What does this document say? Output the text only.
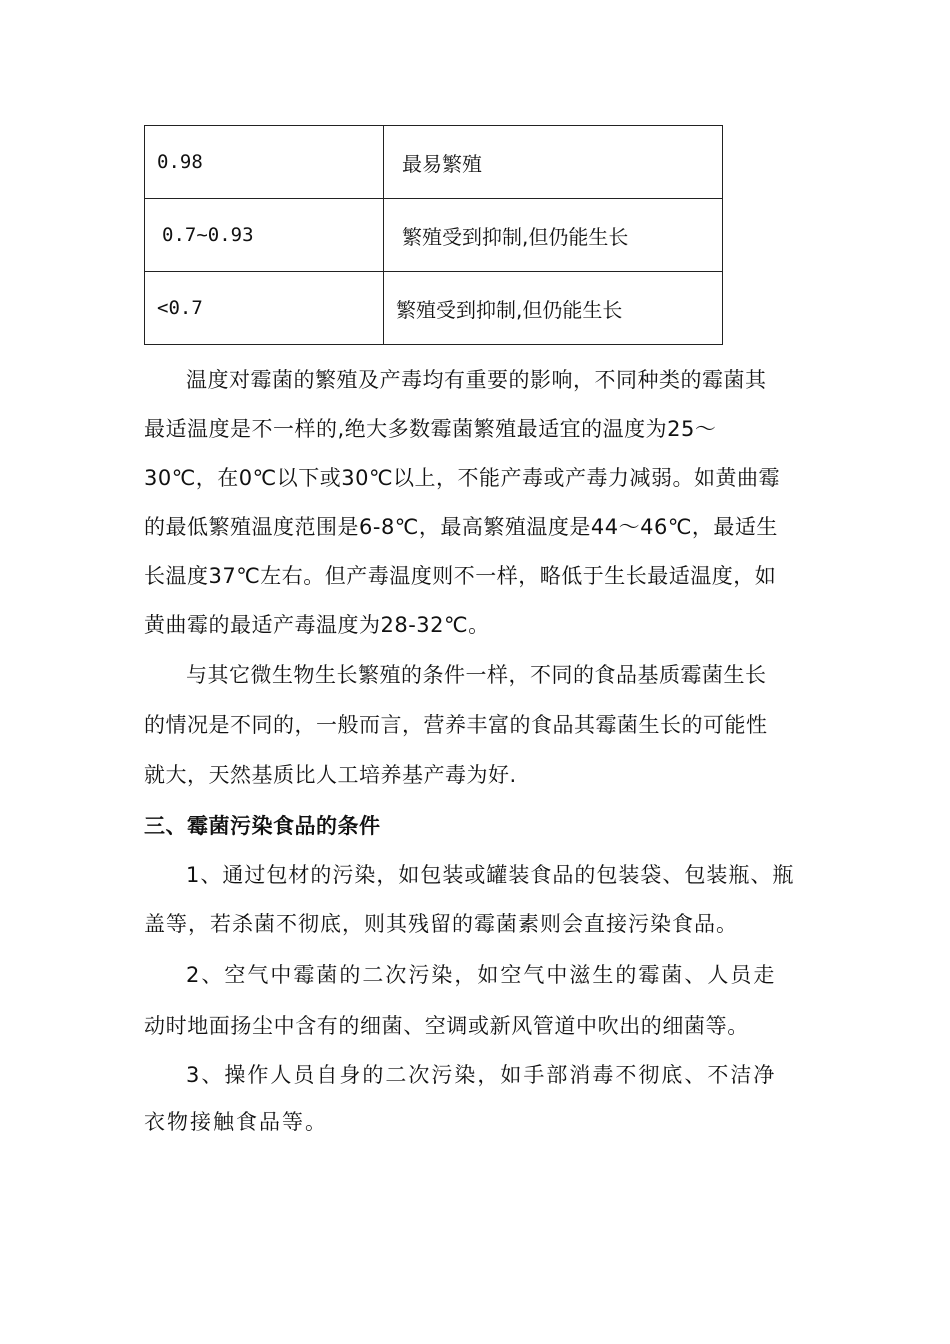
0.98	最易繁殖
0.7~0.93	繁殖受到抑制,但仍能生长
<0.7	繁殖受到抑制,但仍能生长
温度对霉菌的繁殖及产毒均有重要的影响，不同种类的霉菌其
最适温度是不一样的,绝大多数霉菌繁殖最适宜的温度为25～
30℃，在0℃以下或30℃以上，不能产毒或产毒力减弱。如黄曲霉
的最低繁殖温度范围是6-8℃，最高繁殖温度是44～46℃，最适生
长温度37℃左右。但产毒温度则不一样，略低于生长最适温度，如
黄曲霉的最适产毒温度为28-32℃。
与其它微生物生长繁殖的条件一样，不同的食品基质霉菌生长
的情况是不同的，一般而言，营养丰富的食品其霉菌生长的可能性
就大，天然基质比人工培养基产毒为好.
三、霉菌污染食品的条件
1、通过包材的污染，如包装或罐装食品的包装袋、包装瓶、瓶
盖等，若杀菌不彻底，则其残留的霉菌素则会直接污染食品。
2、空气中霉菌的二次污染，如空气中滋生的霉菌、人员走
动时地面扬尘中含有的细菌、空调或新风管道中吹出的细菌等。
3、操作人员自身的二次污染，如手部消毒不彻底、不洁净
衣物接触食品等。
